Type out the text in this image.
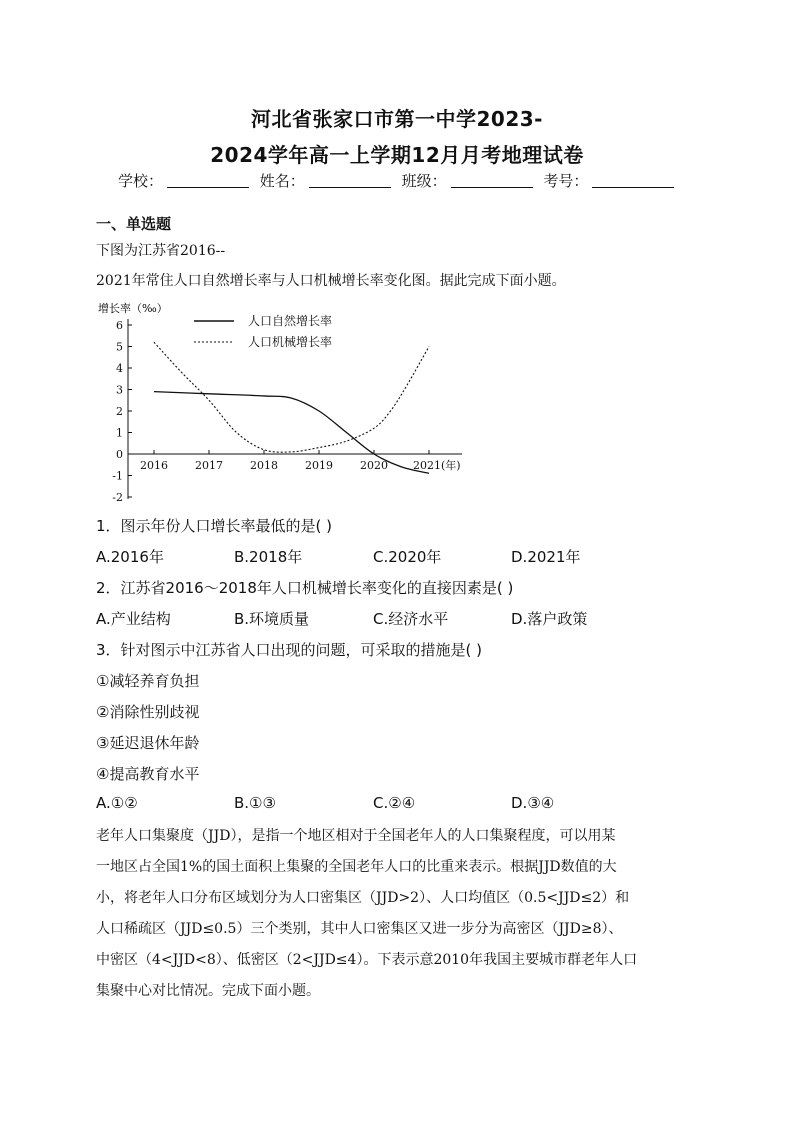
河北省张家口市第一中学2023-
2024学年高一上学期12月月考地理试卷
学校：	姓名：	班级：	考号：
一、单选题
下图为江苏省2016--
2021年常住人口自然增长率与人口机械增长率变化图。据此完成下面小题。
增长率（‰）
6
5
4
3
2
1
0
-1
-2
2016 2017 2018 2019 2020 2021(年)
人口自然增长率
人口机械增长率
1．图示年份人口增长率最低的是( )
A.2016年	B.2018年	C.2020年	D.2021年
2．江苏省2016～2018年人口机械增长率变化的直接因素是( )
A.产业结构	B.环境质量	C.经济水平	D.落户政策
3．针对图示中江苏省人口出现的问题，可采取的措施是( )
①减轻养育负担
②消除性别歧视
③延迟退休年龄
④提高教育水平
A.①②	B.①③	C.②④	D.③④
老年人口集聚度（JJD），是指一个地区相对于全国老年人的人口集聚程度，可以用某
一地区占全国1%的国土面积上集聚的全国老年人口的比重来表示。根据JJD数值的大
小，将老年人口分布区域划分为人口密集区（JJD>2）、人口均值区（0.5<JJD≤2）和
人口稀疏区（JJD≤0.5）三个类别，其中人口密集区又进一步分为高密区（JJD≥8）、
中密区（4<JJD<8）、低密区（2<JJD≤4）。下表示意2010年我国主要城市群老年人口
集聚中心对比情况。完成下面小题。
